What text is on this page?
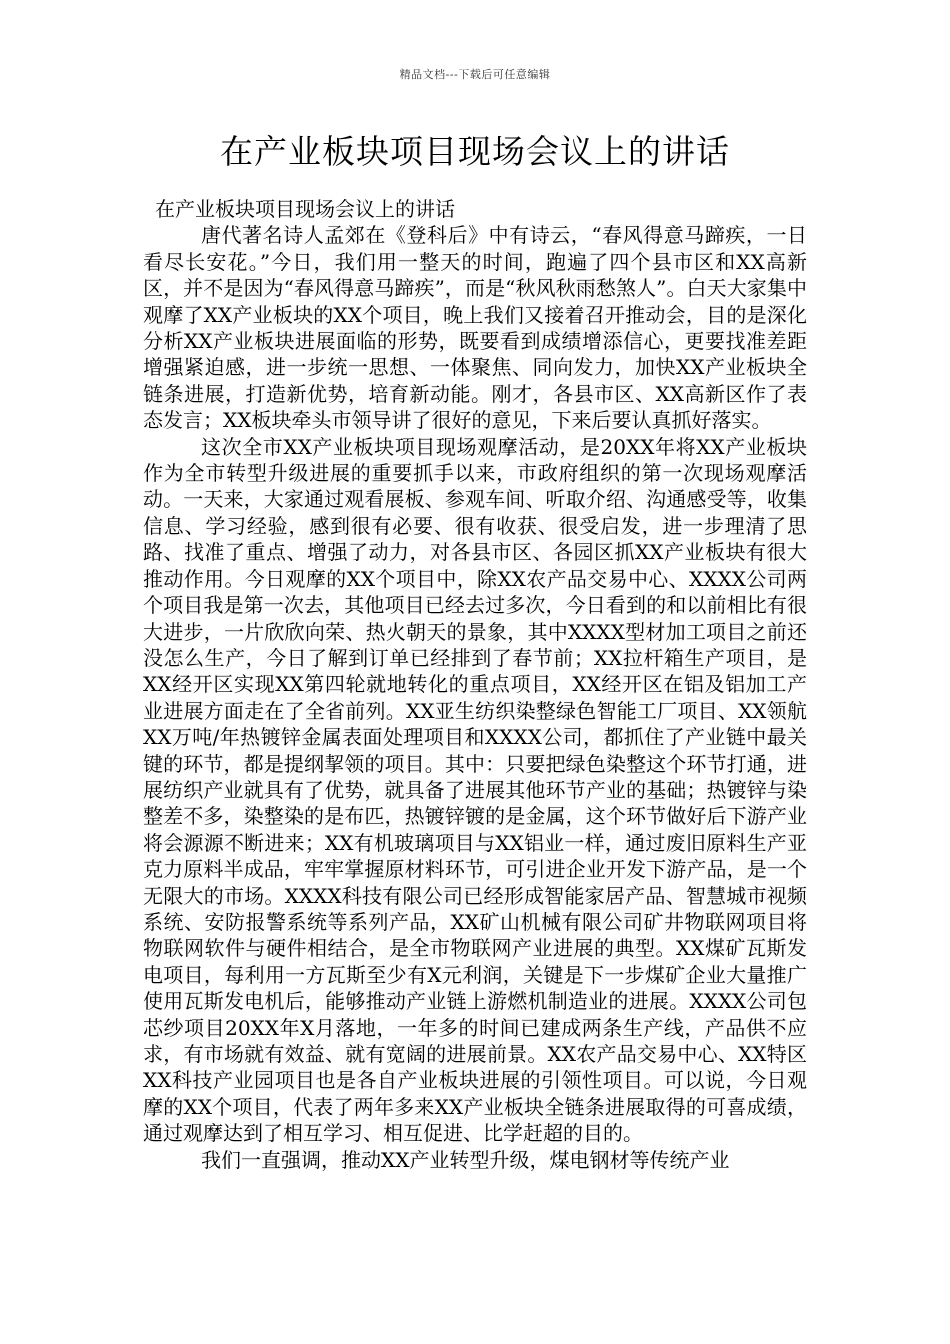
精品文档---下载后可任意编辑
在产业板块项目现场会议上的讲话

在产业板块项目现场会议上的讲话

唐代著名诗人孟郊在《登科后》中有诗云，“春风得意马蹄疾，一日看尽长安花。”今日，我们用一整天的时间，跑遍了四个县市区和XX高新区，并不是因为“春风得意马蹄疾”，而是“秋风秋雨愁煞人”。白天大家集中观摩了XX产业板块的XX个项目，晚上我们又接着召开推动会，目的是深化分析XX产业板块进展面临的形势，既要看到成绩增添信心，更要找准差距增强紧迫感，进一步统一思想、一体聚焦、同向发力，加快XX产业板块全链条进展，打造新优势，培育新动能。刚才，各县市区、XX高新区作了表态发言；XX板块牵头市领导讲了很好的意见，下来后要认真抓好落实。

这次全市XX产业板块项目现场观摩活动，是20XX年将XX产业板块作为全市转型升级进展的重要抓手以来，市政府组织的第一次现场观摩活动。一天来，大家通过观看展板、参观车间、听取介绍、沟通感受等，收集信息、学习经验，感到很有必要、很有收获、很受启发，进一步理清了思路、找准了重点、增强了动力，对各县市区、各园区抓XX产业板块有很大推动作用。今日观摩的XX个项目中，除XX农产品交易中心、XXXX公司两个项目我是第一次去，其他项目已经去过多次，今日看到的和以前相比有很大进步，一片欣欣向荣、热火朝天的景象，其中XXXX型材加工项目之前还没怎么生产，今日了解到订单已经排到了春节前；XX拉杆箱生产项目，是XX经开区实现XX第四轮就地转化的重点项目，XX经开区在铝及铝加工产业进展方面走在了全省前列。XX亚生纺织染整绿色智能工厂项目、XX领航XX万吨/年热镀锌金属表面处理项目和XXXX公司，都抓住了产业链中最关键的环节，都是提纲挈领的项目。其中：只要把绿色染整这个环节打通，进展纺织产业就具有了优势，就具备了进展其他环节产业的基础；热镀锌与染整差不多，染整染的是布匹，热镀锌镀的是金属，这个环节做好后下游产业将会源源不断进来；XX有机玻璃项目与XX铝业一样，通过废旧原料生产亚克力原料半成品，牢牢掌握原材料环节，可引进企业开发下游产品，是一个无限大的市场。XXXX科技有限公司已经形成智能家居产品、智慧城市视频系统、安防报警系统等系列产品，XX矿山机械有限公司矿井物联网项目将物联网软件与硬件相结合，是全市物联网产业进展的典型。XX煤矿瓦斯发电项目，每利用一方瓦斯至少有X元利润，关键是下一步煤矿企业大量推广使用瓦斯发电机后，能够推动产业链上游燃机制造业的进展。XXXX公司包芯纱项目20XX年X月落地，一年多的时间已建成两条生产线，产品供不应求，有市场就有效益、就有宽阔的进展前景。XX农产品交易中心、XX特区XX科技产业园项目也是各自产业板块进展的引领性项目。可以说，今日观摩的XX个项目，代表了两年多来XX产业板块全链条进展取得的可喜成绩，通过观摩达到了相互学习、相互促进、比学赶超的目的。

我们一直强调，推动XX产业转型升级，煤电钢材等传统产业
